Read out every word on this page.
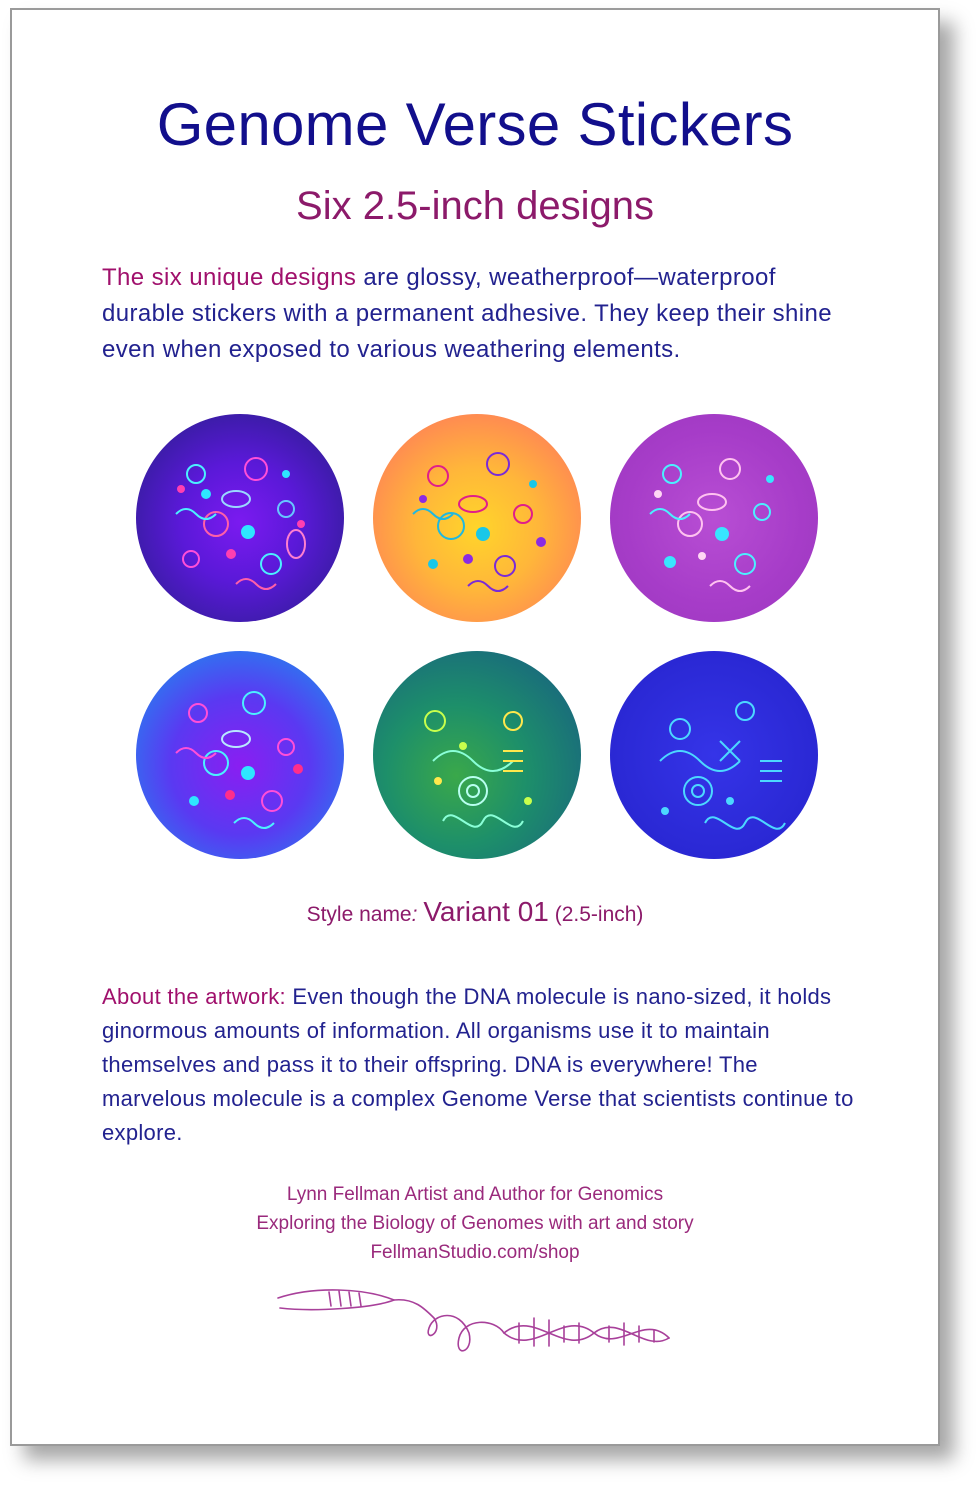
Genome Verse Stickers
Six 2.5-inch designs
The six unique designs are glossy, weatherproof—waterproof durable stickers with a permanent adhesive. They keep their shine even when exposed to various weathering elements.
Style name: Variant 01 (2.5-inch)
About the artwork: Even though the DNA molecule is nano-sized, it holds ginormous amounts of information. All organisms use it to maintain themselves and pass it to their offspring. DNA is everywhere! The marvelous molecule is a complex Genome Verse that scientists continue to explore.
Lynn Fellman Artist and Author for Genomics
Exploring the Biology of Genomes with art and story
FellmanStudio.com/shop
